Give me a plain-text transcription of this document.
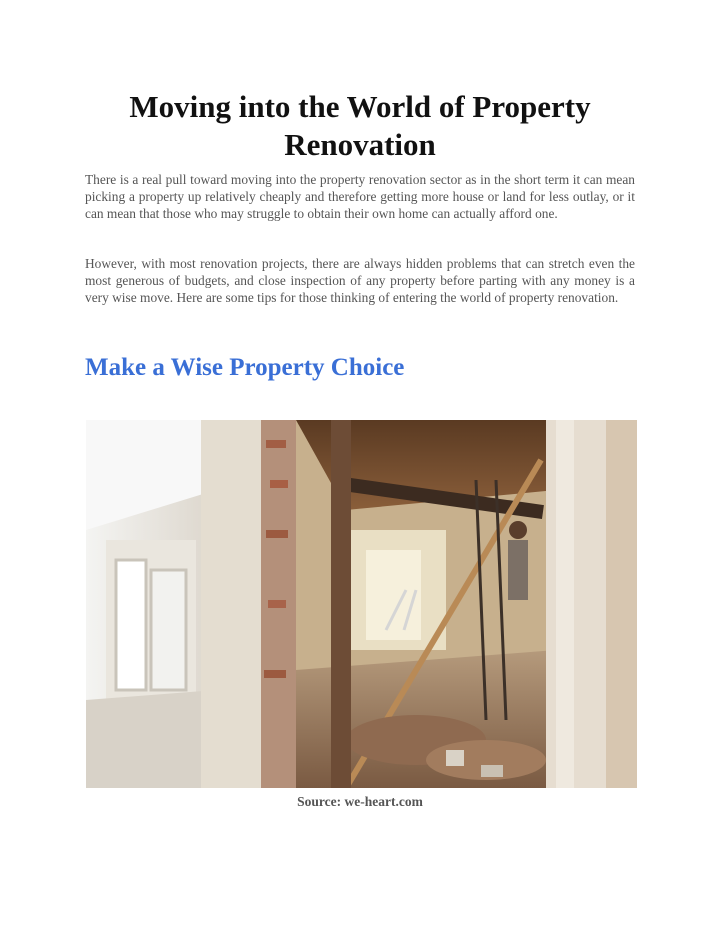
Moving into the World of Property Renovation

There is a real pull toward moving into the property renovation sector as in the short term it can mean picking a property up relatively cheaply and therefore getting more house or land for less outlay, or it can mean that those who may struggle to obtain their own home can actually afford one.

However, with most renovation projects, there are always hidden problems that can stretch even the most generous of budgets, and close inspection of any property before parting with any money is a very wise move. Here are some tips for those thinking of entering the world of property renovation.

Make a Wise Property Choice

Source: we-heart.com
